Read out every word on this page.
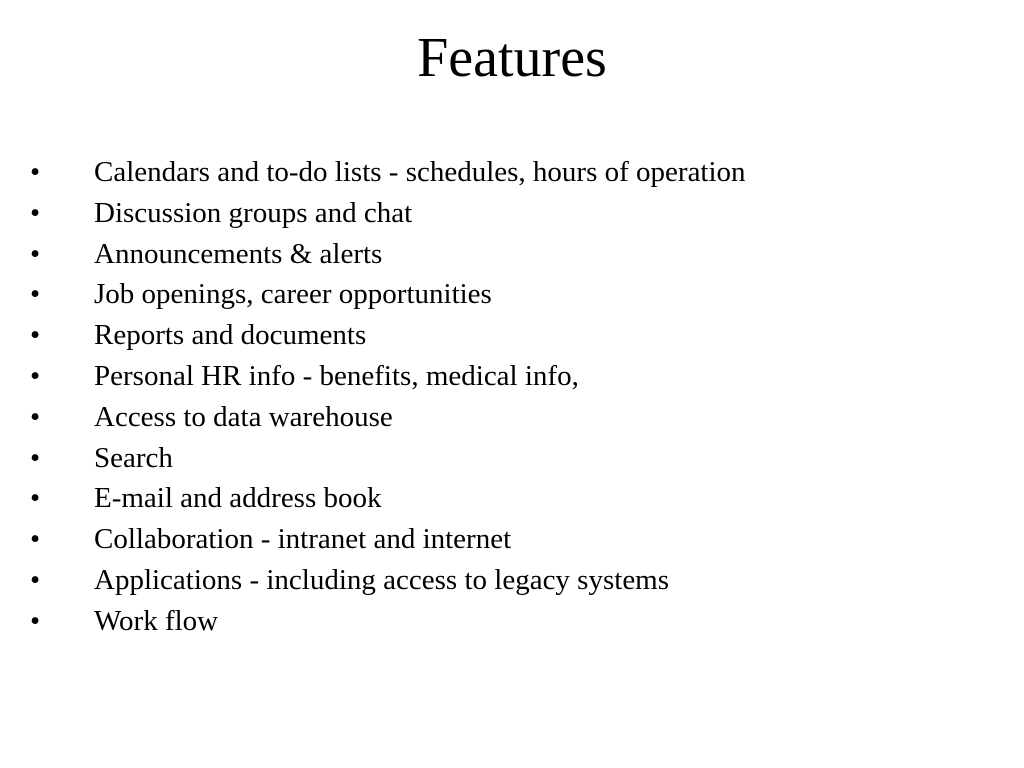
Features
•	Calendars and to-do lists - schedules, hours of operation
•	Discussion groups and chat
•	Announcements & alerts
•	Job openings, career opportunities
•	Reports and documents
•	Personal HR info - benefits, medical info,
•	Access to data warehouse
•	Search
•	E-mail and address book
•	Collaboration - intranet and internet
•	Applications - including access to legacy systems
•	Work flow
